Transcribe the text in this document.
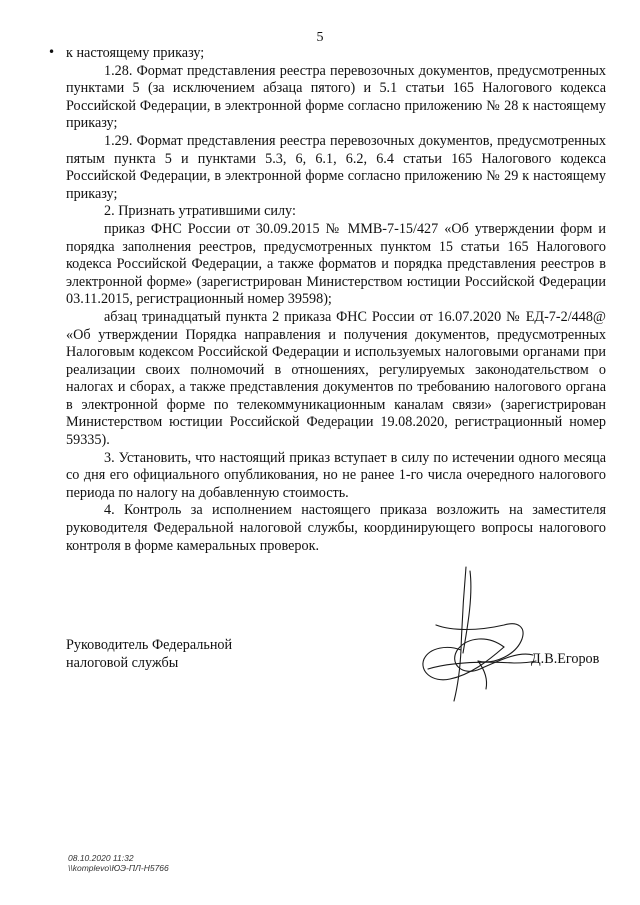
5
• к настоящему приказу;

1.28. Формат представления реестра перевозочных документов, предусмотренных пунктами 5 (за исключением абзаца пятого) и 5.1 статьи 165 Налогового кодекса Российской Федерации, в электронной форме согласно приложению № 28 к настоящему приказу;

1.29. Формат представления реестра перевозочных документов, предусмотренных пятым пункта 5 и пунктами 5.3, 6, 6.1, 6.2, 6.4 статьи 165 Налогового кодекса Российской Федерации, в электронной форме согласно приложению № 29 к настоящему приказу;

2. Признать утратившими силу:

приказ ФНС России от 30.09.2015 № ММВ-7-15/427 «Об утверждении форм и порядка заполнения реестров, предусмотренных пунктом 15 статьи 165 Налогового кодекса Российской Федерации, а также форматов и порядка представления реестров в электронной форме» (зарегистрирован Министерством юстиции Российской Федерации 03.11.2015, регистрационный номер 39598);

абзац тринадцатый пункта 2 приказа ФНС России от 16.07.2020 № ЕД-7-2/448@ «Об утверждении Порядка направления и получения документов, предусмотренных Налоговым кодексом Российской Федерации и используемых налоговыми органами при реализации своих полномочий в отношениях, регулируемых законодательством о налогах и сборах, а также представления документов по требованию налогового органа в электронной форме по телекоммуникационным каналам связи» (зарегистрирован Министерством юстиции Российской Федерации 19.08.2020, регистрационный номер 59335).

3. Установить, что настоящий приказ вступает в силу по истечении одного месяца со дня его официального опубликования, но не ранее 1-го числа очередного налогового периода по налогу на добавленную стоимость.

4. Контроль за исполнением настоящего приказа возложить на заместителя руководителя Федеральной налоговой службы, координирующего вопросы налогового контроля в форме камеральных проверок.

Руководитель Федеральной
налоговой службы	Д.В.Егоров
08.10.2020 11:32
\\komplevo\ЮЭ-ПЛ-Н5766
